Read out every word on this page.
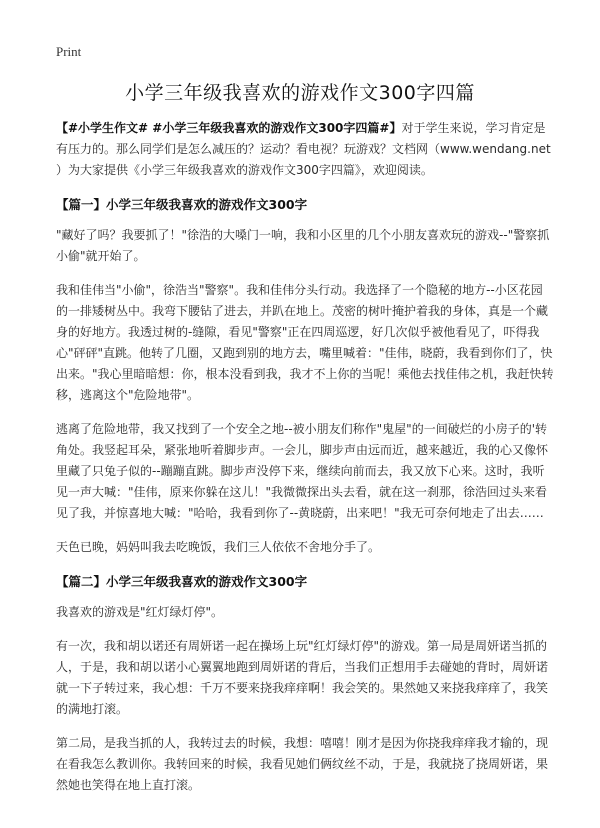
Print
小学三年级我喜欢的游戏作文300字四篇

【#小学生作文# #小学三年级我喜欢的游戏作文300字四篇#】对于学生来说，学习肯定是有压力的。那么同学们是怎么减压的？运动？看电视？玩游戏？文档网（www.wendang.net ）为大家提供《小学三年级我喜欢的游戏作文300字四篇》，欢迎阅读。

【篇一】小学三年级我喜欢的游戏作文300字

"藏好了吗？我要抓了！"徐浩的大嗓门一响，我和小区里的几个小朋友喜欢玩的游戏--"警察抓小偷"就开始了。

我和佳伟当"小偷"，徐浩当"警察"。我和佳伟分头行动。我选择了一个隐秘的地方--小区花园的一排矮树丛中。我弯下腰钻了进去，并趴在地上。茂密的树叶掩护着我的身体，真是一个藏身的好地方。我透过树的-缝隙，看见"警察"正在四周巡逻，好几次似乎被他看见了，吓得我心"砰砰"直跳。他转了几圈，又跑到别的地方去，嘴里喊着："佳伟，晓蔚，我看到你们了，快出来。"我心里暗暗想：你，根本没看到我，我才不上你的当呢！乘他去找佳伟之机，我赶快转移，逃离这个"危险地带"。

逃离了危险地带，我又找到了一个安全之地--被小朋友们称作"鬼屋"的一间破烂的小房子的'转角处。我竖起耳朵，紧张地听着脚步声。一会儿，脚步声由远而近，越来越近，我的心又像怀里藏了只兔子似的--蹦蹦直跳。脚步声没停下来，继续向前而去，我又放下心来。这时，我听见一声大喊："佳伟，原来你躲在这儿！"我微微探出头去看，就在这一刹那，徐浩回过头来看见了我，并惊喜地大喊："哈哈，我看到你了--黄晓蔚，出来吧！"我无可奈何地走了出去……

天色已晚，妈妈叫我去吃晚饭，我们三人依依不舍地分手了。

【篇二】小学三年级我喜欢的游戏作文300字

我喜欢的游戏是"红灯绿灯停"。

有一次，我和胡以诺还有周妍诺一起在操场上玩"红灯绿灯停"的游戏。第一局是周妍诺当抓的人，于是，我和胡以诺小心翼翼地跑到周妍诺的背后，当我们正想用手去碰她的背时，周妍诺就一下子转过来，我心想：千万不要来挠我痒痒啊！我会笑的。果然她又来挠我痒痒了，我笑的满地打滚。

第二局，是我当抓的人，我转过去的时候，我想：嘻嘻！刚才是因为你挠我痒痒我才输的，现在看我怎么教训你。我转回来的时候，我看见她们俩纹丝不动，于是，我就挠了挠周妍诺，果然她也笑得在地上直打滚。
